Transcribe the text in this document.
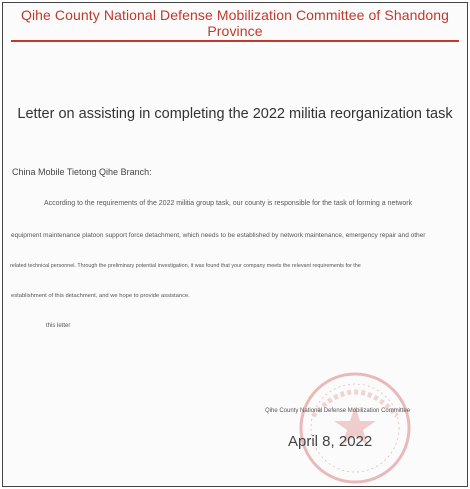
Qihe County National Defense Mobilization Committee of Shandong Province
Letter on assisting in completing the 2022 militia reorganization task
China Mobile Tietong Qihe Branch:
According to the requirements of the 2022 militia group task, our county is responsible for the task of forming a network
equipment maintenance platoon support force detachment, which needs to be established by network maintenance, emergency repair and other
related technical personnel. Through the preliminary potential investigation, it was found that your company meets the relevant requirements for the
establishment of this detachment, and we hope to provide assistance.
this letter
Qihe County National Defense Mobilization Committee
April 8, 2022
